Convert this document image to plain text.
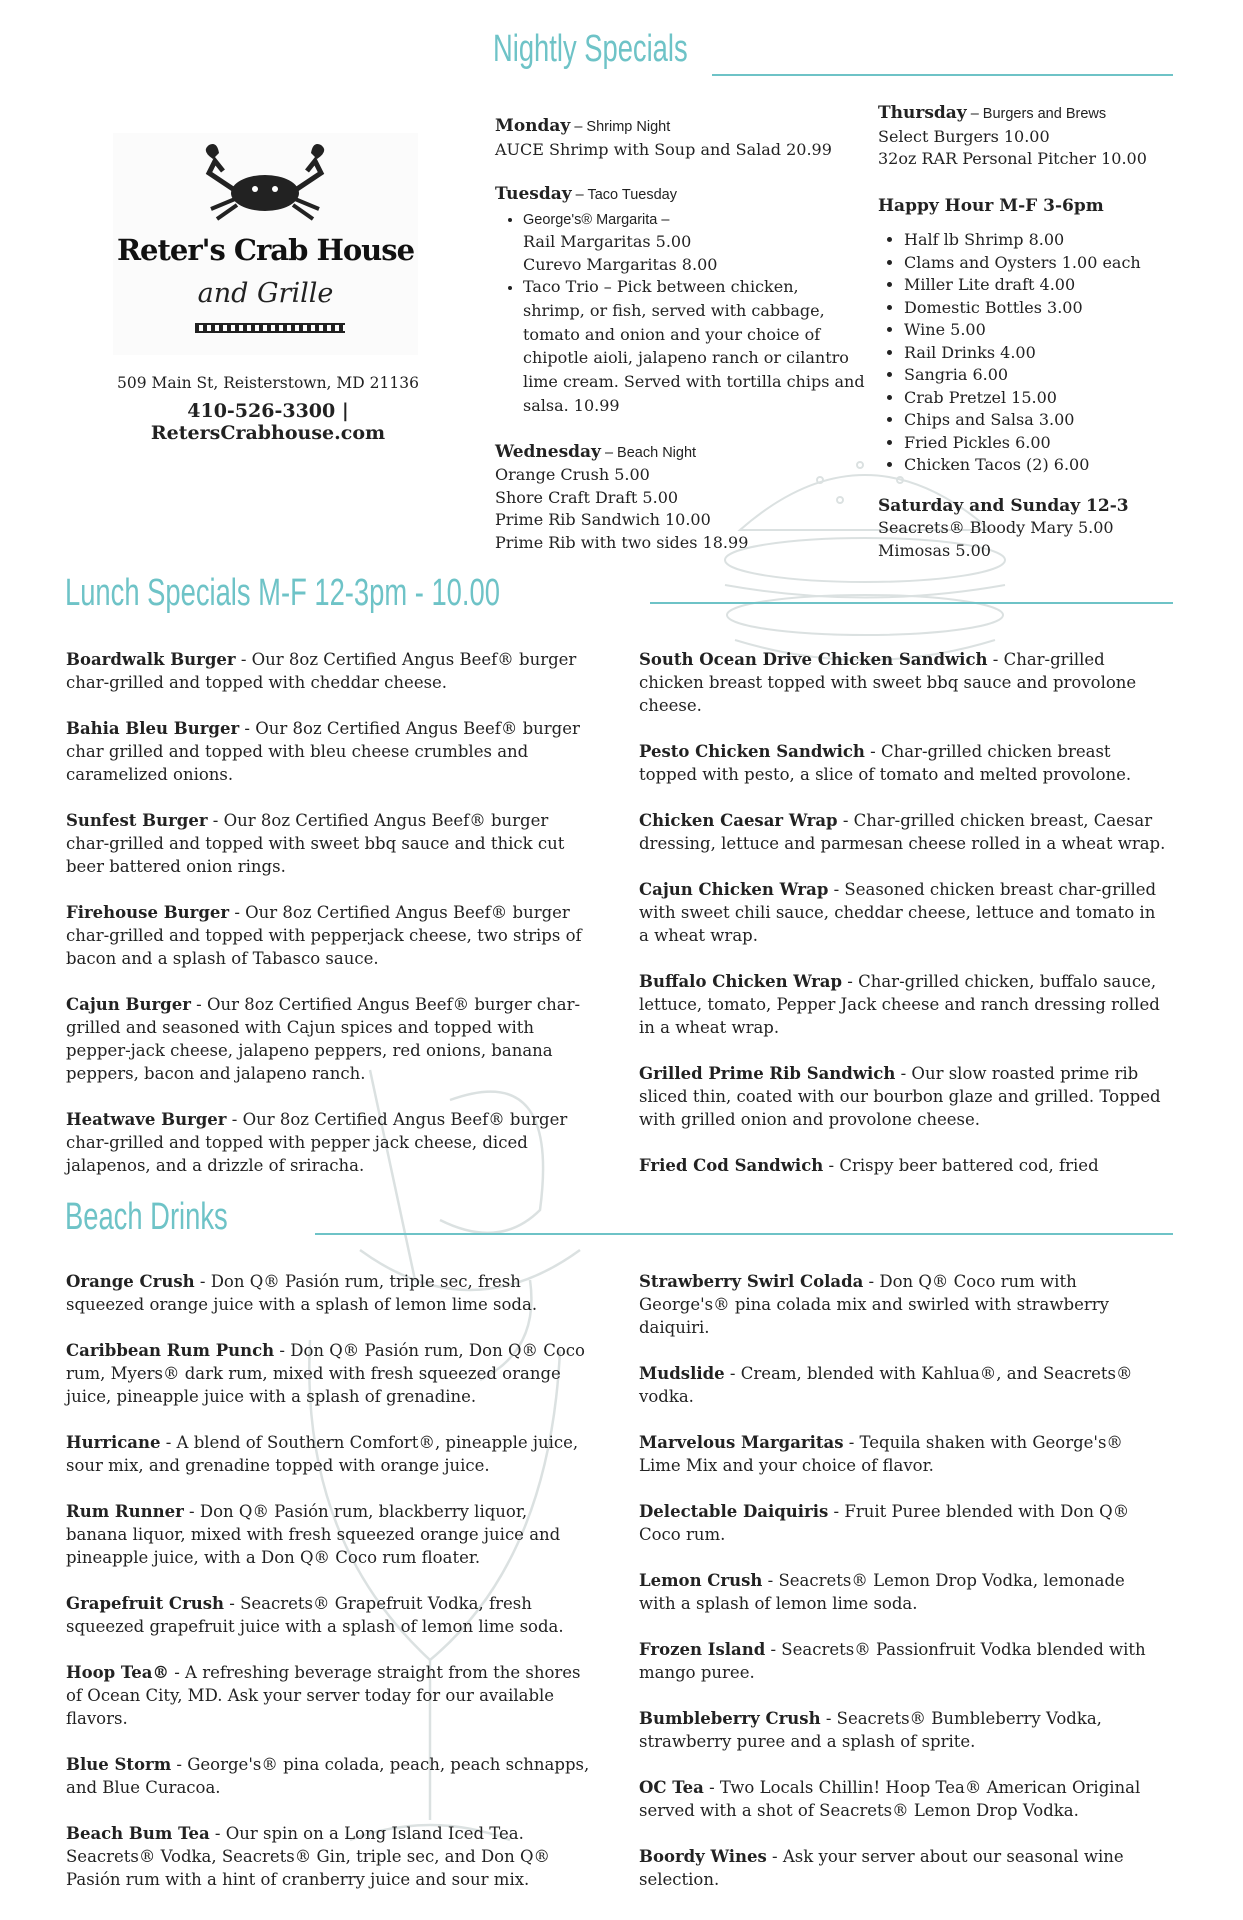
Reter's Crab House
and Grille
509 Main St, Reisterstown, MD 21136
410-526-3300 | RetersCrabhouse.com
Nightly Specials
Monday – Shrimp Night
AUCE Shrimp with Soup and Salad 20.99
Tuesday – Taco Tuesday
• George's® Margarita –
Rail Margaritas 5.00
Curevo Margaritas 8.00
• Taco Trio – Pick between chicken, shrimp, or fish, served with cabbage, tomato and onion and your choice of chipotle aioli, jalapeno ranch or cilantro lime cream. Served with tortilla chips and salsa. 10.99
Wednesday – Beach Night
Orange Crush 5.00
Shore Craft Draft 5.00
Prime Rib Sandwich 10.00
Prime Rib with two sides 18.99
Thursday – Burgers and Brews
Select Burgers 10.00
32oz RAR Personal Pitcher 10.00
Happy Hour M-F 3-6pm
• Half lb Shrimp 8.00
• Clams and Oysters 1.00 each
• Miller Lite draft 4.00
• Domestic Bottles 3.00
• Wine 5.00
• Rail Drinks 4.00
• Sangria 6.00
• Crab Pretzel 15.00
• Chips and Salsa 3.00
• Fried Pickles 6.00
• Chicken Tacos (2) 6.00
Saturday and Sunday 12-3
Seacrets® Bloody Mary 5.00
Mimosas 5.00
Lunch Specials M-F 12-3pm - 10.00

Boardwalk Burger - Our 8oz Certified Angus Beef® burger char-grilled and topped with cheddar cheese.

Bahia Bleu Burger - Our 8oz Certified Angus Beef® burger char grilled and topped with bleu cheese crumbles and caramelized onions.

Sunfest Burger - Our 8oz Certified Angus Beef® burger char-grilled and topped with sweet bbq sauce and thick cut beer battered onion rings.

Firehouse Burger - Our 8oz Certified Angus Beef® burger char-grilled and topped with pepperjack cheese, two strips of bacon and a splash of Tabasco sauce.

Cajun Burger - Our 8oz Certified Angus Beef® burger char-grilled and seasoned with Cajun spices and topped with pepper-jack cheese, jalapeno peppers, red onions, banana peppers, bacon and jalapeno ranch.

Heatwave Burger - Our 8oz Certified Angus Beef® burger char-grilled and topped with pepper jack cheese, diced jalapenos, and a drizzle of sriracha.

South Ocean Drive Chicken Sandwich - Char-grilled chicken breast topped with sweet bbq sauce and provolone cheese.

Pesto Chicken Sandwich - Char-grilled chicken breast topped with pesto, a slice of tomato and melted provolone.

Chicken Caesar Wrap - Char-grilled chicken breast, Caesar dressing, lettuce and parmesan cheese rolled in a wheat wrap.

Cajun Chicken Wrap - Seasoned chicken breast char-grilled with sweet chili sauce, cheddar cheese, lettuce and tomato in a wheat wrap.

Buffalo Chicken Wrap - Char-grilled chicken, buffalo sauce, lettuce, tomato, Pepper Jack cheese and ranch dressing rolled in a wheat wrap.

Grilled Prime Rib Sandwich - Our slow roasted prime rib sliced thin, coated with our bourbon glaze and grilled. Topped with grilled onion and provolone cheese.

Fried Cod Sandwich - Crispy beer battered cod, fried

Beach Drinks

Orange Crush - Don Q® Pasión rum, triple sec, fresh squeezed orange juice with a splash of lemon lime soda.

Caribbean Rum Punch - Don Q® Pasión rum, Don Q® Coco rum, Myers® dark rum, mixed with fresh squeezed orange juice, pineapple juice with a splash of grenadine.

Hurricane - A blend of Southern Comfort®, pineapple juice, sour mix, and grenadine topped with orange juice.

Rum Runner - Don Q® Pasión rum, blackberry liquor, banana liquor, mixed with fresh squeezed orange juice and pineapple juice, with a Don Q® Coco rum floater.

Grapefruit Crush - Seacrets® Grapefruit Vodka, fresh squeezed grapefruit juice with a splash of lemon lime soda.

Hoop Tea® - A refreshing beverage straight from the shores of Ocean City, MD. Ask your server today for our available flavors.

Blue Storm - George's® pina colada, peach, peach schnapps, and Blue Curacoa.

Beach Bum Tea - Our spin on a Long Island Iced Tea. Seacrets® Vodka, Seacrets® Gin, triple sec, and Don Q® Pasión rum with a hint of cranberry juice and sour mix.

Strawberry Swirl Colada - Don Q® Coco rum with George's® pina colada mix and swirled with strawberry daiquiri.

Mudslide - Cream, blended with Kahlua®, and Seacrets® vodka.

Marvelous Margaritas - Tequila shaken with George's® Lime Mix and your choice of flavor.

Delectable Daiquiris - Fruit Puree blended with Don Q® Coco rum.

Lemon Crush - Seacrets® Lemon Drop Vodka, lemonade with a splash of lemon lime soda.

Frozen Island - Seacrets® Passionfruit Vodka blended with mango puree.

Bumbleberry Crush - Seacrets® Bumbleberry Vodka, strawberry puree and a splash of sprite.

OC Tea - Two Locals Chillin! Hoop Tea® American Original served with a shot of Seacrets® Lemon Drop Vodka.

Boordy Wines - Ask your server about our seasonal wine selection.
